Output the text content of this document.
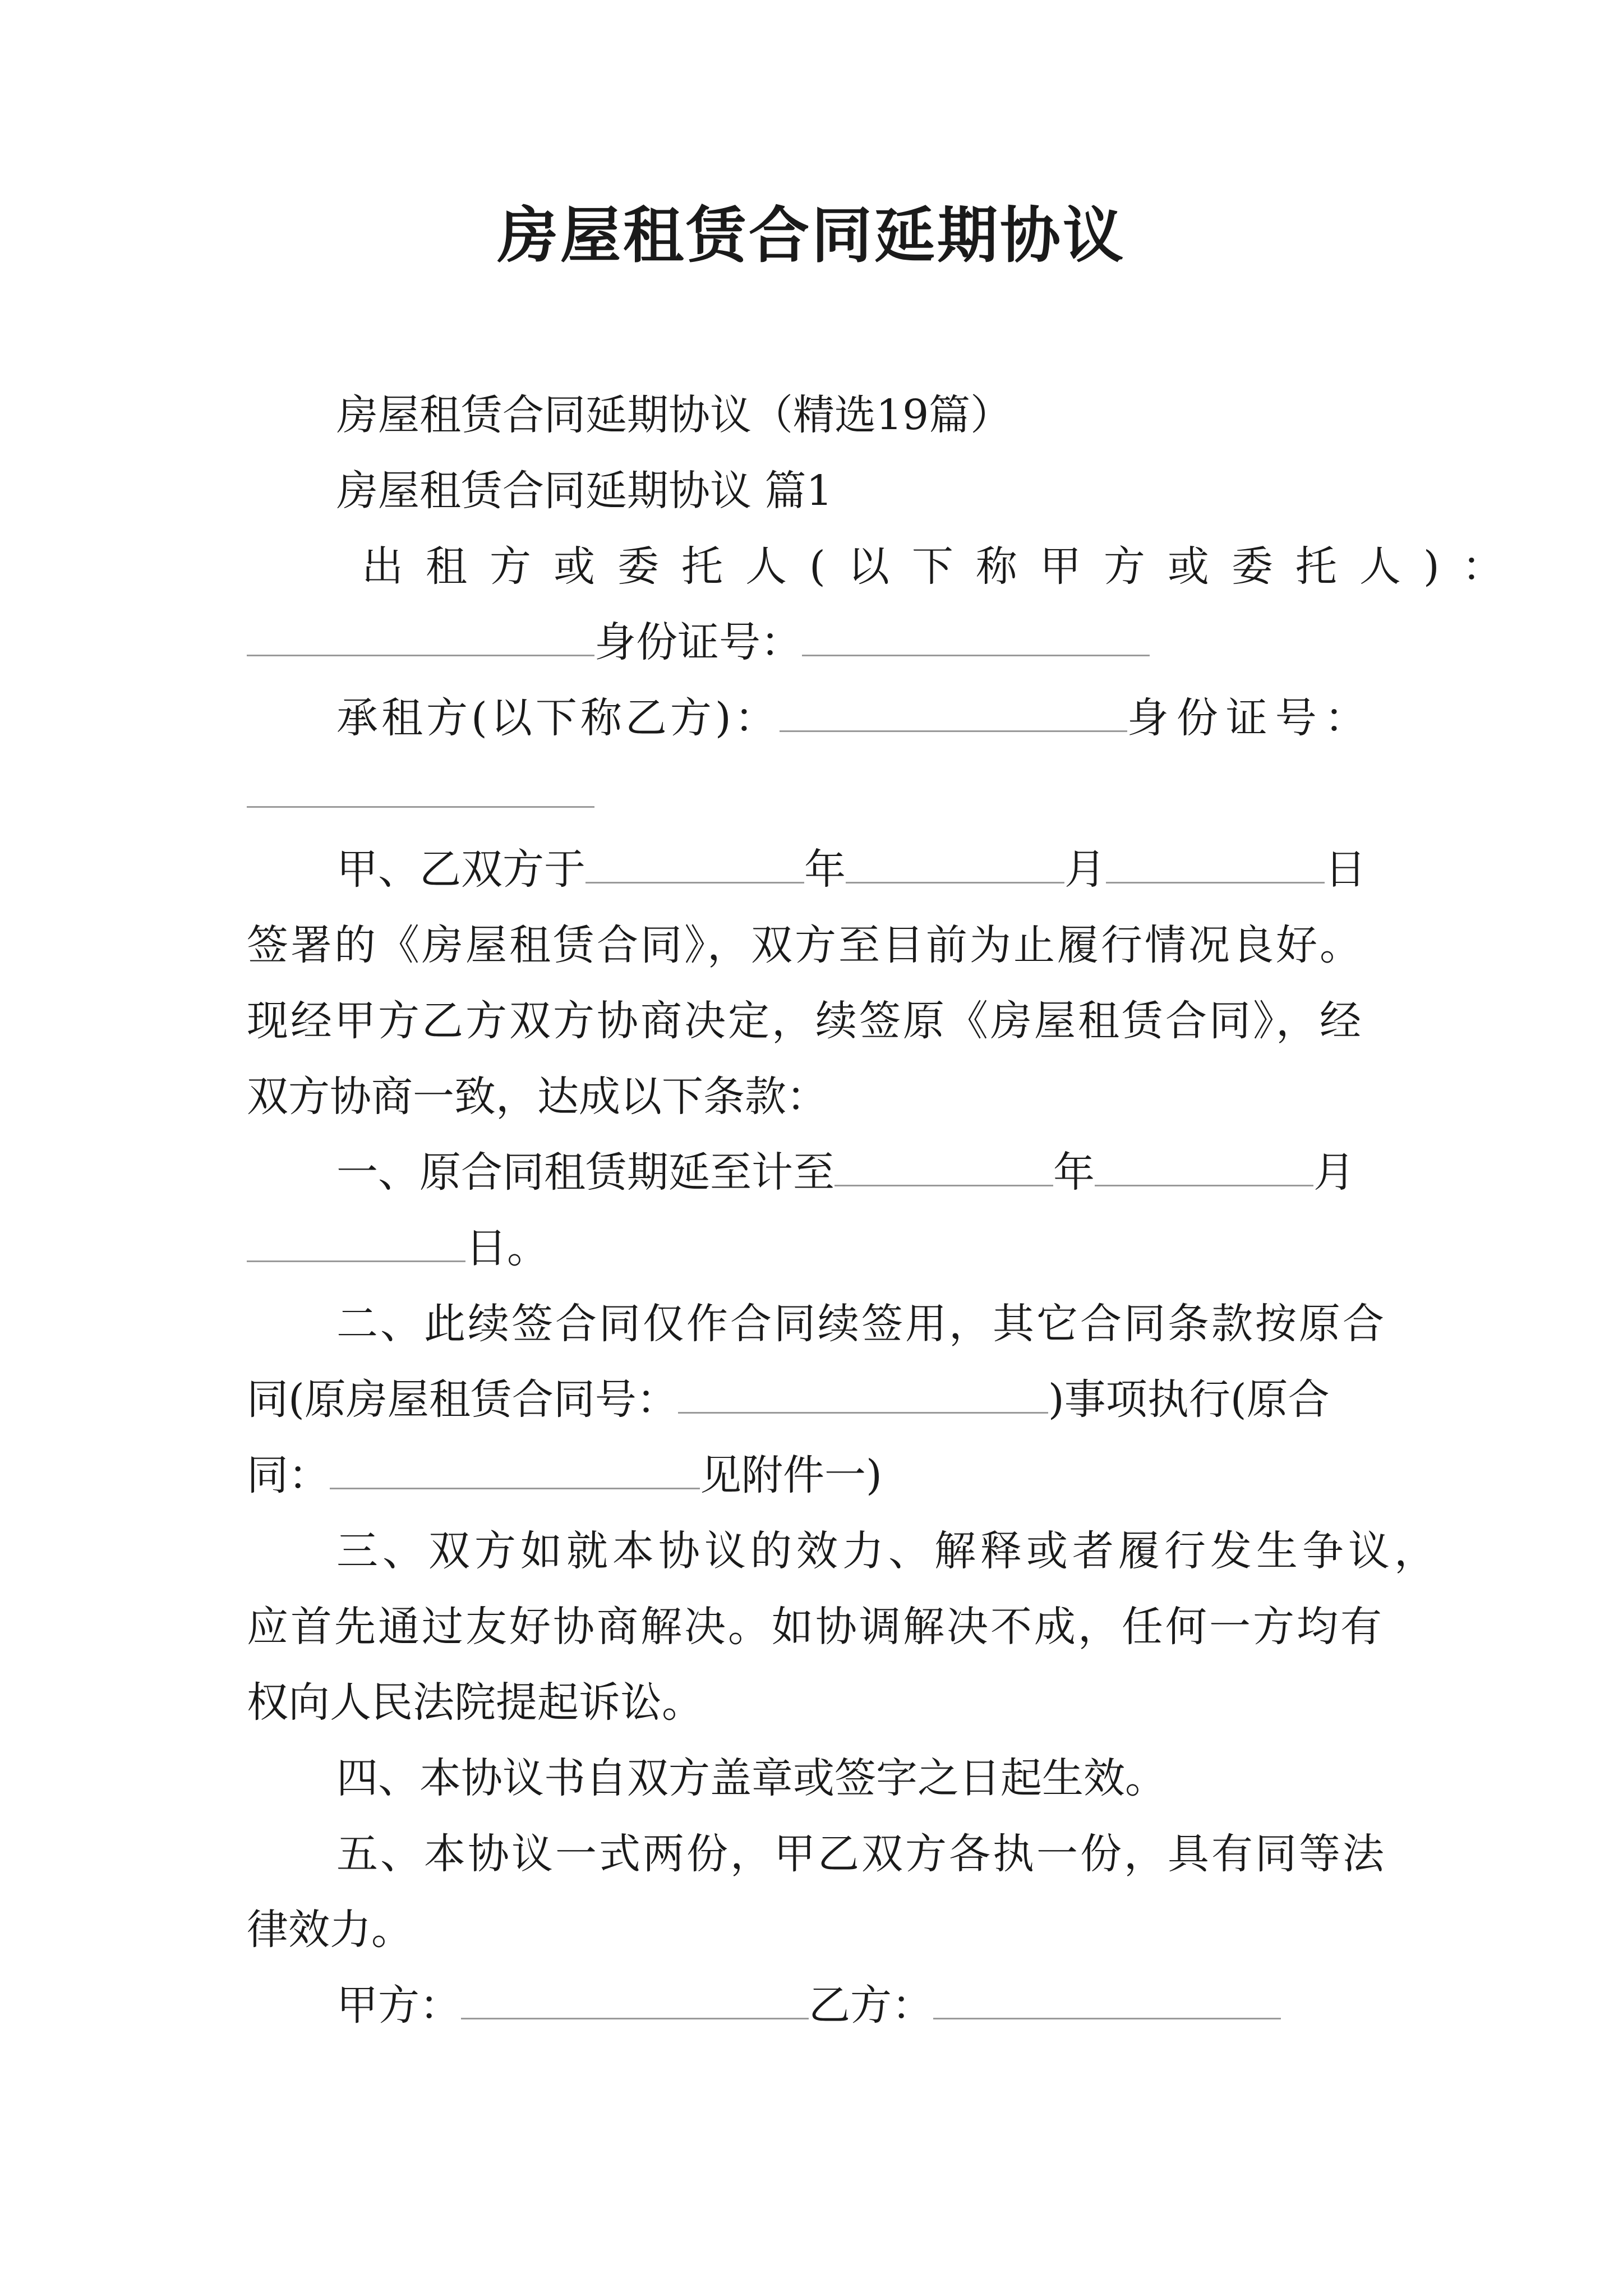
房屋租赁合同延期协议

房屋租赁合同延期协议（精选19篇）

房屋租赁合同延期协议 篇1

出租方或委托人(以下称甲方或委托人)：

身份证号：
承租方(以下称乙方)：	身份证号：
甲、乙双方于	年	月	日

签署的《房屋租赁合同》，双方至目前为止履行情况良好。

现经甲方乙方双方协商决定，续签原《房屋租赁合同》，经

双方协商一致，达成以下条款：

一、原合同租赁期延至计至	年	月
日。

二、此续签合同仅作合同续签用，其它合同条款按原合

同(原房屋租赁合同号：	)事项执行(原合
同：	见附件一)

三、双方如就本协议的效力、解释或者履行发生争议，

应首先通过友好协商解决。如协调解决不成，任何一方均有

权向人民法院提起诉讼。

四、本协议书自双方盖章或签字之日起生效。

五、本协议一式两份，甲乙双方各执一份，具有同等法

律效力。

甲方：	乙方：
